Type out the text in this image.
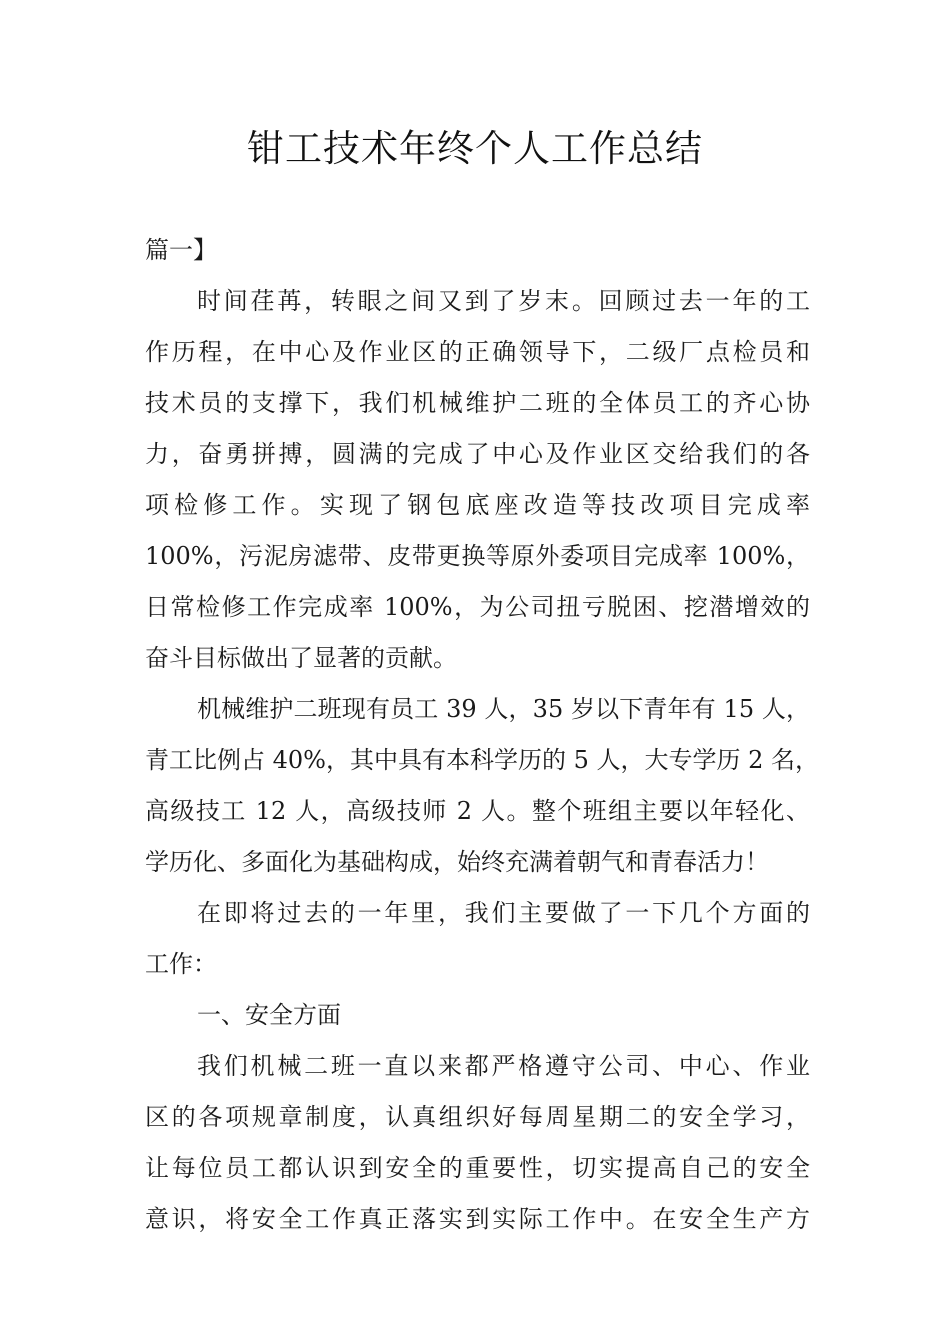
钳工技术年终个人工作总结
篇一】
时间荏苒，转眼之间又到了岁末。回顾过去一年的工
作历程，在中心及作业区的正确领导下，二级厂点检员和
技术员的支撑下，我们机械维护二班的全体员工的齐心协
力，奋勇拼搏，圆满的完成了中心及作业区交给我们的各
项检修工作。实现了钢包底座改造等技改项目完成率
100%，污泥房滤带、皮带更换等原外委项目完成率 100%，
日常检修工作完成率 100%，为公司扭亏脱困、挖潜增效的
奋斗目标做出了显著的贡献。
机械维护二班现有员工 39 人，35 岁以下青年有 15 人，
青工比例占 40%，其中具有本科学历的 5 人，大专学历 2 名，
高级技工 12 人，高级技师 2 人。整个班组主要以年轻化、
学历化、多面化为基础构成，始终充满着朝气和青春活力！
在即将过去的一年里，我们主要做了一下几个方面的
工作：
一、安全方面
我们机械二班一直以来都严格遵守公司、中心、作业
区的各项规章制度，认真组织好每周星期二的安全学习，
让每位员工都认识到安全的重要性，切实提高自己的安全
意识，将安全工作真正落实到实际工作中。在安全生产方
